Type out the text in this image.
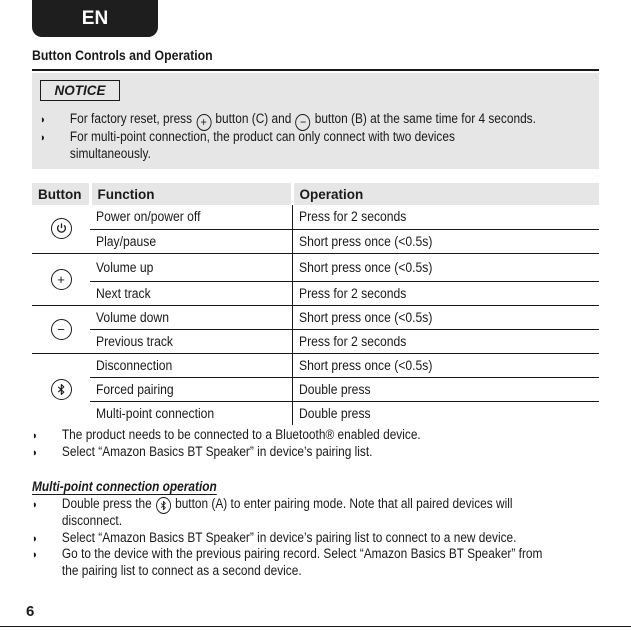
EN
Button Controls and Operation
NOTICE
◗ For factory reset, press + button (C) and − button (B) at the same time for 4 seconds.
◗ For multi-point connection, the product can only connect with two devices
simultaneously.
Button	Function	Operation

	Power on/power off	Press for 2 seconds
	Play/pause	Short press once (<0.5s)
+	Volume up	Short press once (<0.5s)
	Next track	Press for 2 seconds
−	Volume down	Short press once (<0.5s)
	Previous track	Press for 2 seconds

	Disconnection	Short press once (<0.5s)
	Forced pairing	Double press
	Multi-point connection	Double press
◗ The product needs to be connected to a Bluetooth® enabled device.
◗ Select “Amazon Basics BT Speaker” in device’s pairing list.
Multi-point connection operation
◗ Double press the button (A) to enter pairing mode. Note that all paired devices will
disconnect.
◗ Select “Amazon Basics BT Speaker” in device’s pairing list to connect to a new device.
◗ Go to the device with the previous pairing record. Select “Amazon Basics BT Speaker” from
the pairing list to connect as a second device.
6
